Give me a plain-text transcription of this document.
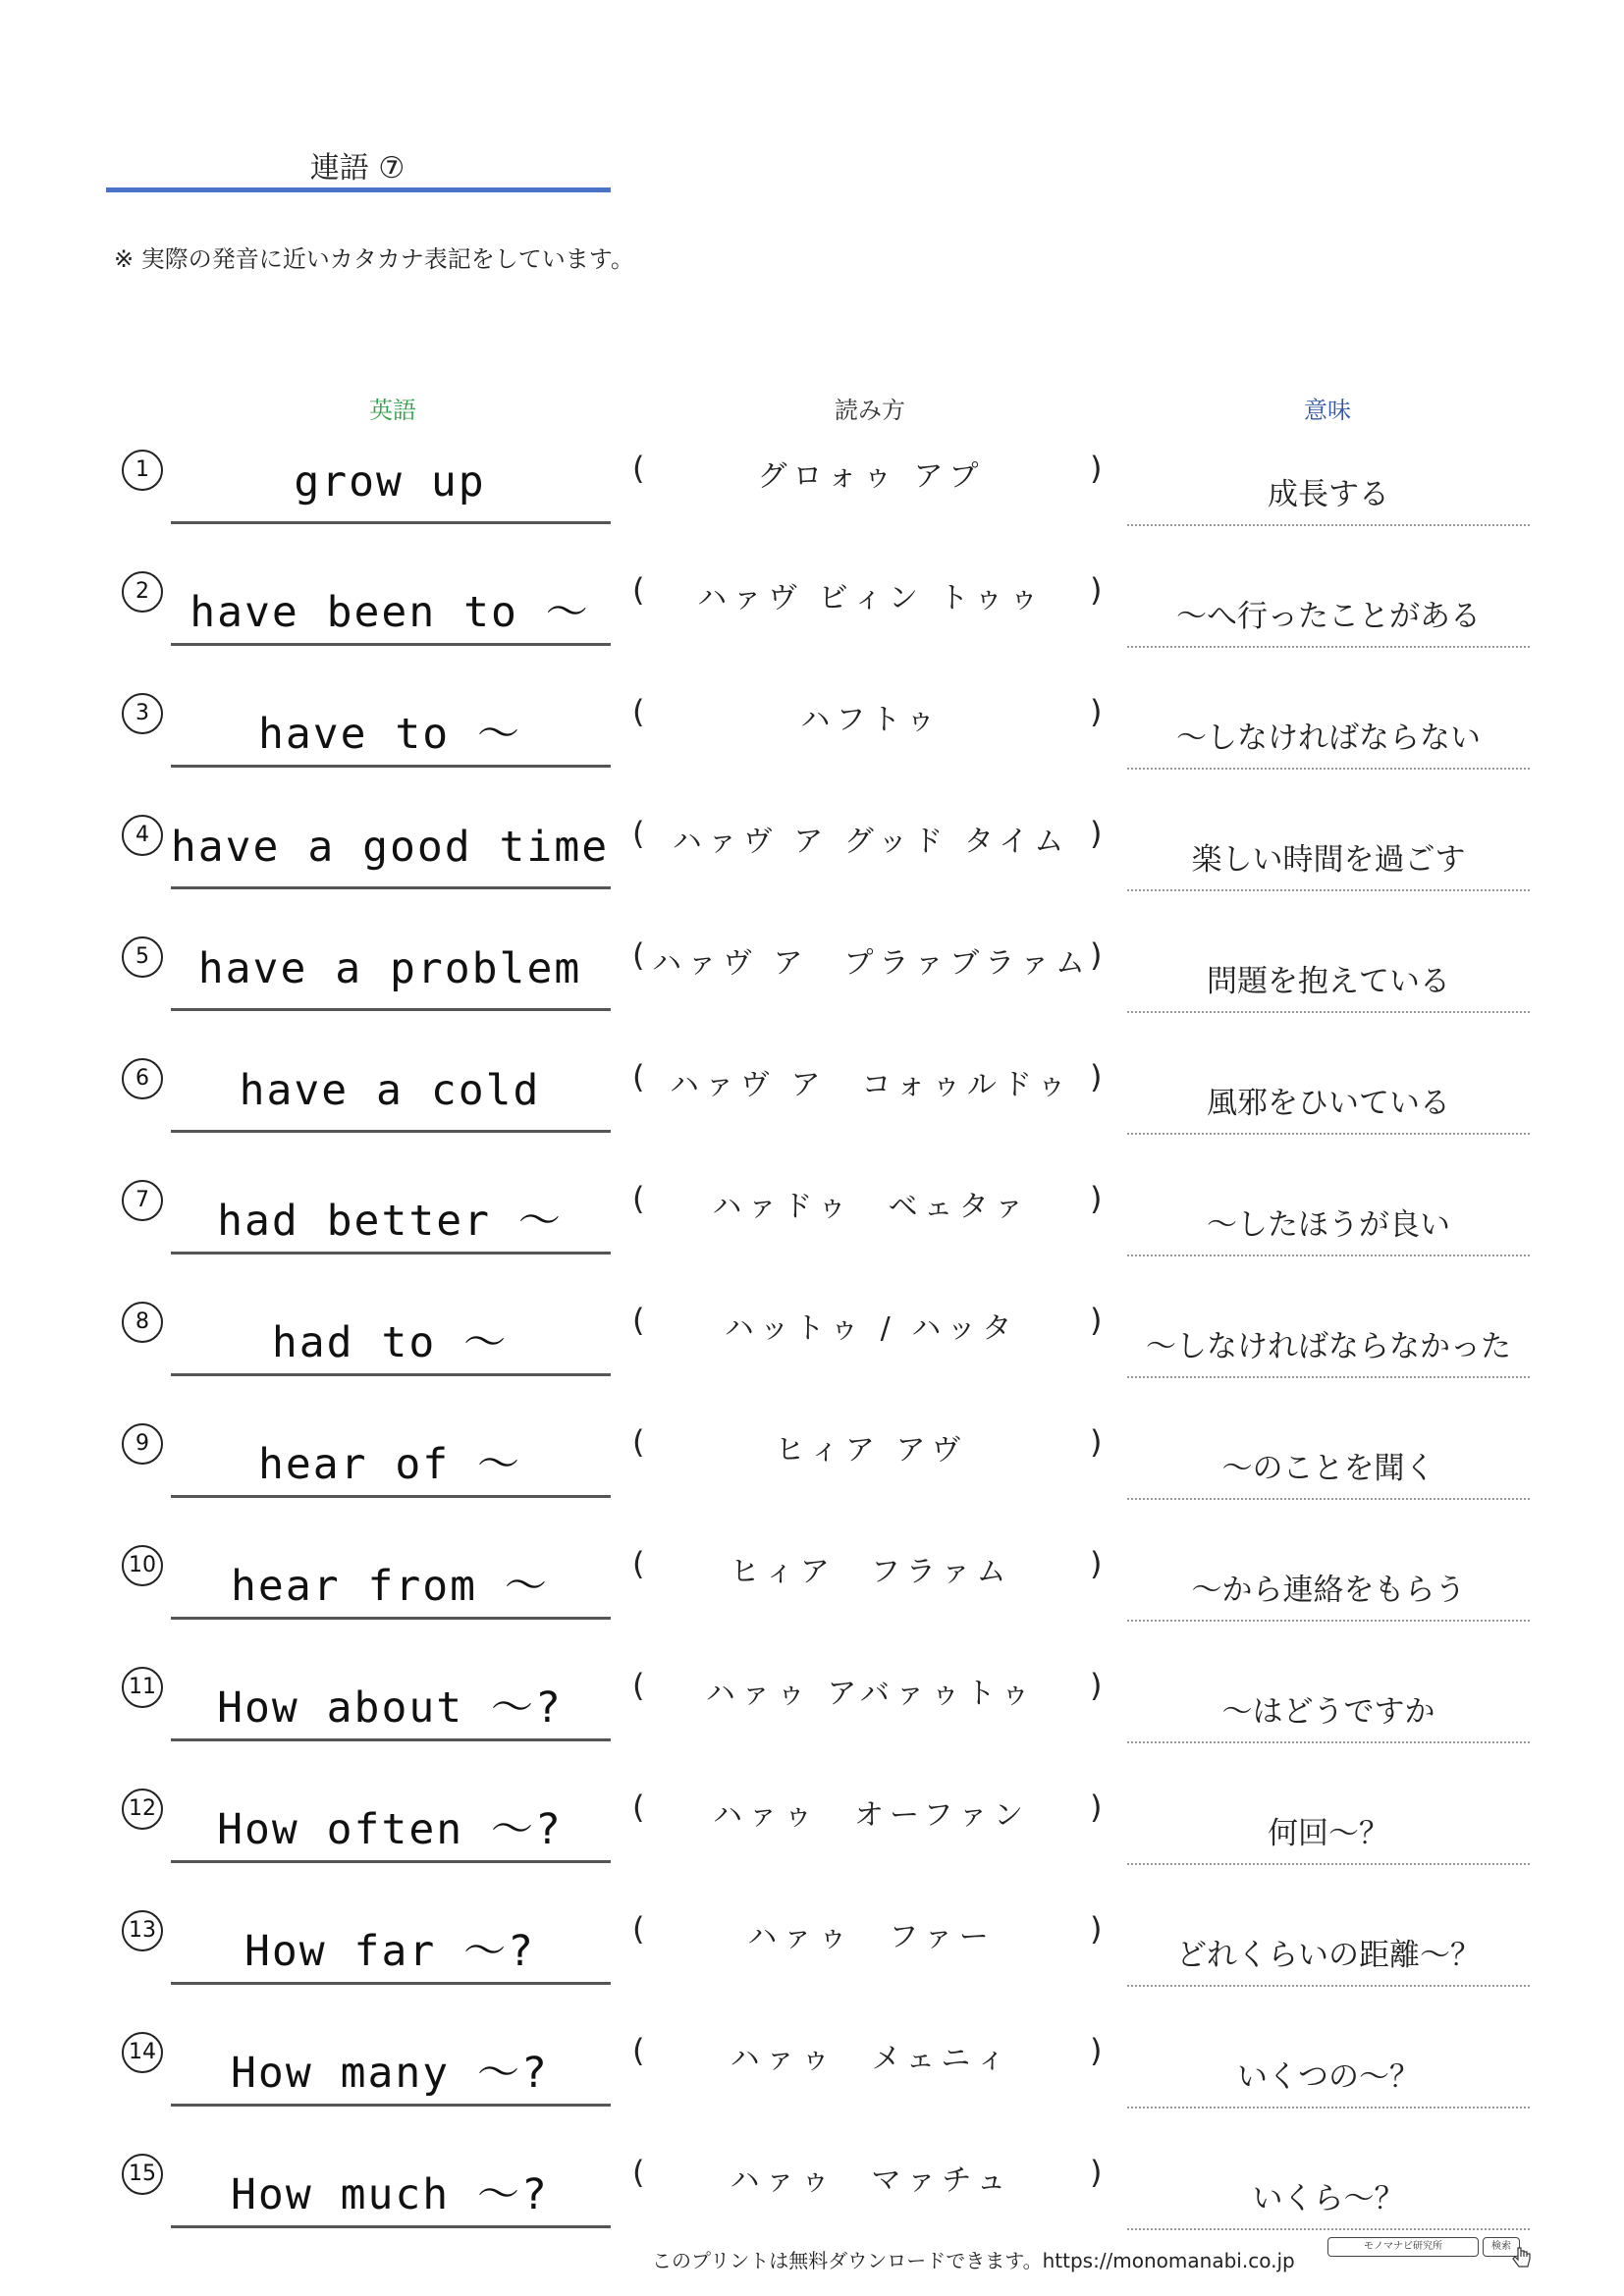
連語 ⑦
※ 実際の発音に近いカタカナ表記をしています。
英語	読み方	意味
1	grow up	(	グロォゥ アプ	)
成長する
2 have been to ～	(	ハァヴ ビィン トゥゥ	)
～へ行ったことがある
3	have to ～	(	ハフトゥ	)
～しなければならない
4 have a good time ( ハァヴ ア グッド タイム )
楽しい時間を過ごす
5	have a problem	( ハァヴ ア　プラァブラァム )
問題を抱えている
6	have a cold	( ハァヴ ア　コォゥルドゥ )
風邪をひいている
7	had better ～	(	ハァドゥ　ベェタァ	)
～したほうが良い
8	had to ～	(	ハットゥ / ハッタ	)
～しなければならなかった
9	hear of ～	(	ヒィア アヴ	)
～のことを聞く
10	hear from ～	(	ヒィア　フラァム	)
～から連絡をもらう
11	How about ～?	(	ハァゥ アバァゥトゥ	)
～はどうですか
12	How often ～?	(	ハァゥ　オーファン	)
何回～？
13	How far ～?	(	ハァゥ　ファー	)
どれくらいの距離～？
14	How many ～?	(	ハァゥ　メェニィ	)
いくつの～？
15	How much ～?	(	ハァゥ　マァチュ	)
いくら～？
このプリントは無料ダウンロードできます。https://monomanabi.co.jp
モノマナビ研究所	検索
